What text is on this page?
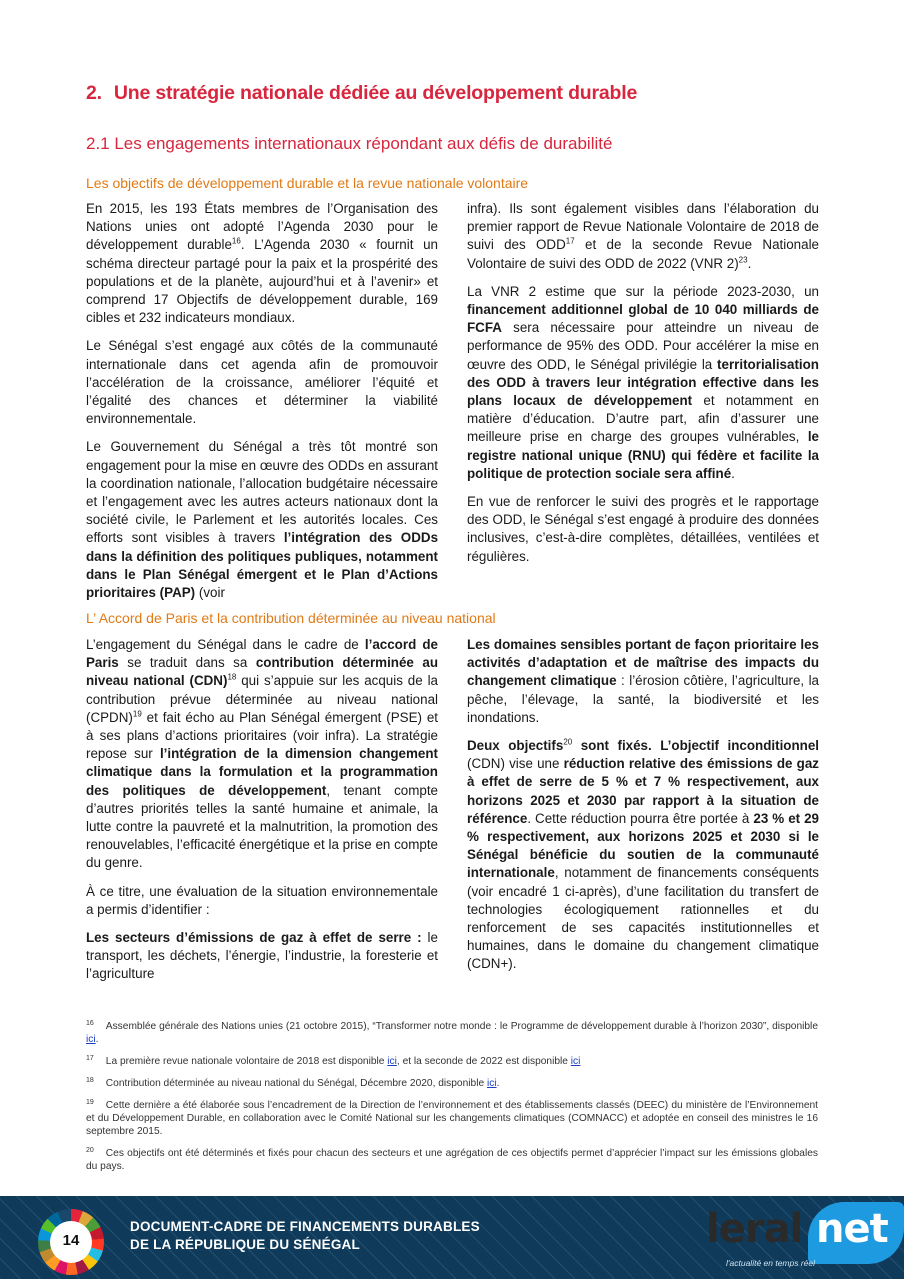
2. Une stratégie nationale dédiée au développement durable
2.1 Les engagements internationaux répondant aux défis de durabilité
Les objectifs de développement durable et la revue nationale volontaire

En 2015, les 193 États membres de l’Organisation des Nations unies ont adopté l’Agenda 2030 pour le développement durable$^{16}$. L’Agenda 2030 « fournit un schéma directeur partagé pour la paix et la prospérité des populations et de la planète, aujourd’hui et à l’avenir» et comprend 17 Objectifs de développement durable, 169 cibles et 232 indicateurs mondiaux.

Le Sénégal s’est engagé aux côtés de la communauté internationale dans cet agenda afin de promouvoir l’accélération de la croissance, améliorer l’équité et l’égalité des chances et déterminer la viabilité environnementale.

Le Gouvernement du Sénégal a très tôt montré son engagement pour la mise en œuvre des ODDs en assurant la coordination nationale, l’allocation budgétaire nécessaire et l’engagement avec les autres acteurs nationaux dont la société civile, le Parlement et les autorités locales. Ces efforts sont visibles à travers l’intégration des ODDs dans la définition des politiques publiques, notamment dans le Plan Sénégal émergent et le Plan d’Actions prioritaires (PAP) (voir

infra). Ils sont également visibles dans l’élaboration du premier rapport de Revue Nationale Volontaire de 2018 de suivi des ODD$^{17}$ et de la seconde Revue Nationale Volontaire de suivi des ODD de 2022 (VNR 2)$^{23}$.

La VNR 2 estime que sur la période 2023-2030, un financement additionnel global de 10 040 milliards de FCFA sera nécessaire pour atteindre un niveau de performance de 95% des ODD. Pour accélérer la mise en œuvre des ODD, le Sénégal privilégie la territorialisation des ODD à travers leur intégration effective dans les plans locaux de développement et notamment en matière d’éducation. D’autre part, afin d’assurer une meilleure prise en charge des groupes vulnérables, le registre national unique (RNU) qui fédère et facilite la politique de protection sociale sera affiné.

En vue de renforcer le suivi des progrès et le rapportage des ODD, le Sénégal s’est engagé à produire des données inclusives, c’est-à-dire complètes, détaillées, ventilées et régulières.

L’ Accord de Paris et la contribution déterminée au niveau national

L’engagement du Sénégal dans le cadre de l’accord de Paris se traduit dans sa contribution déterminée au niveau national (CDN)$^{18}$ qui s’appuie sur les acquis de la contribution prévue déterminée au niveau national (CPDN)$^{19}$ et fait écho au Plan Sénégal émergent (PSE) et à ses plans d’actions prioritaires (voir infra). La stratégie repose sur l’intégration de la dimension changement climatique dans la formulation et la programmation des politiques de développement, tenant compte d’autres priorités telles la santé humaine et animale, la lutte contre la pauvreté et la malnutrition, la promotion des renouvelables, l’efficacité énergétique et la prise en compte du genre.

À ce titre, une évaluation de la situation environnementale a permis d’identifier :

Les secteurs d’émissions de gaz à effet de serre : le transport, les déchets, l’énergie, l’industrie, la foresterie et l’agriculture

Les domaines sensibles portant de façon prioritaire les activités d’adaptation et de maîtrise des impacts du changement climatique : l’érosion côtière, l’agriculture, la pêche, l’élevage, la santé, la biodiversité et les inondations.

Deux objectifs$^{20}$ sont fixés. L’objectif inconditionnel (CDN) vise une réduction relative des émissions de gaz à effet de serre de 5 % et 7 % respectivement, aux horizons 2025 et 2030 par rapport à la situation de référence. Cette réduction pourra être portée à 23 % et 29 % respectivement, aux horizons 2025 et 2030 si le Sénégal bénéficie du soutien de la communauté internationale, notamment de financements conséquents (voir encadré 1 ci-après), d’une facilitation du transfert de technologies écologiquement rationnelles et du renforcement de ses capacités institutionnelles et humaines, dans le domaine du changement climatique (CDN+).

$^{16}$ Assemblée générale des Nations unies (21 octobre 2015), “Transformer notre monde : le Programme de développement durable à l’horizon 2030”, disponible ici.
$^{17}$ La première revue nationale volontaire de 2018 est disponible ici, et la seconde de 2022 est disponible ici
$^{18}$ Contribution déterminée au niveau national du Sénégal, Décembre 2020, disponible ici.
$^{19}$ Cette dernière a été élaborée sous l’encadrement de la Direction de l’environnement et des établissements classés (DEEC) du ministère de l’Environnement et du Développement Durable, en collaboration avec le Comité National sur les changements climatiques (COMNACC) et adoptée en conseil des ministres le 16 septembre 2015.
$^{20}$ Ces objectifs ont été déterminés et fixés pour chacun des secteurs et une agrégation de ces objectifs permet d’apprécier l’impact sur les émissions globales du pays.
14
DOCUMENT-CADRE DE FINANCEMENTS DURABLES
DE LA RÉPUBLIQUE DU SÉNÉGAL	leral net
l'actualité en temps réel
